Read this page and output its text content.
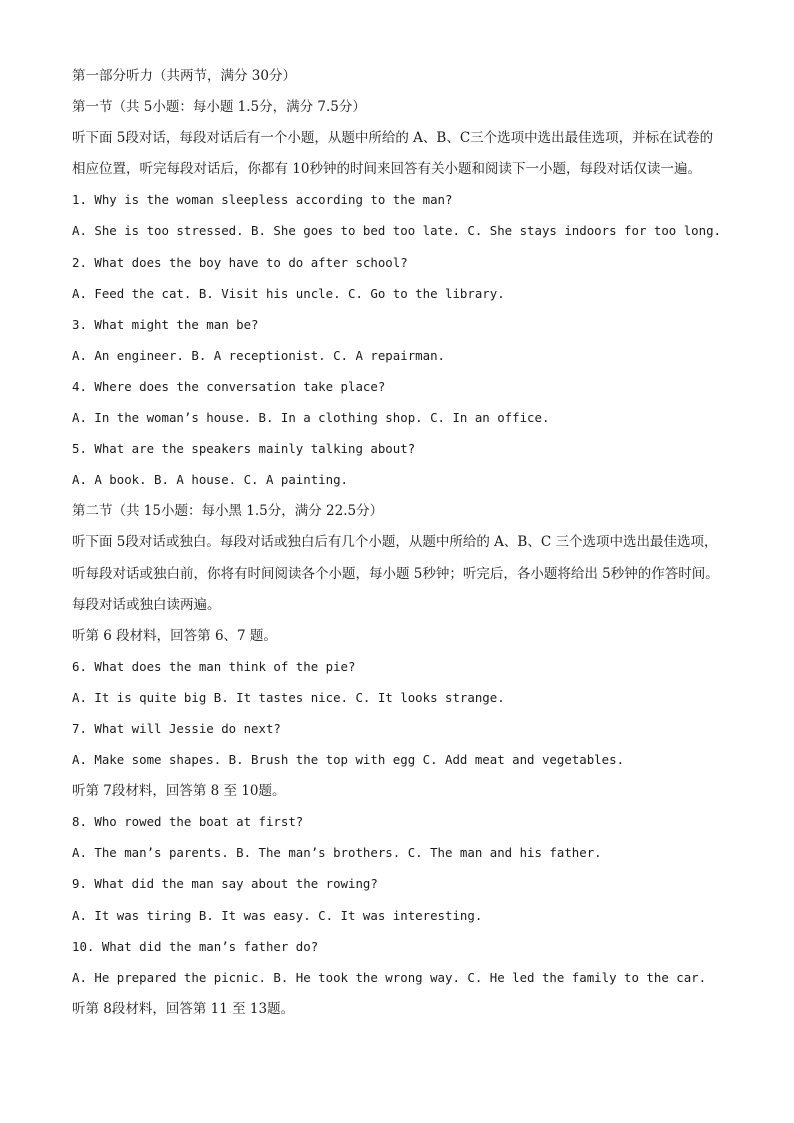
第一部分听力（共两节，满分 30分）
第一节（共 5小题：每小题 1.5分，满分 7.5分）
听下面 5段对话，每段对话后有一个小题，从题中所给的 A、B、C三个选项中选出最佳选项，并标在试卷的
相应位置，听完每段对话后，你都有 10秒钟的时间来回答有关小题和阅读下一小题，每段对话仅读一遍。
1. Why is the woman sleepless according to the man?
A. She is too stressed. B. She goes to bed too late. C. She stays indoors for too long.
2. What does the boy have to do after school?
A. Feed the cat. B. Visit his uncle. C. Go to the library.
3. What might the man be?
A. An engineer. B. A receptionist. C. A repairman.
4. Where does the conversation take place?
A. In the woman’s house. B. In a clothing shop. C. In an office.
5. What are the speakers mainly talking about?
A. A book. B. A house. C. A painting.
第二节（共 15小题：每小黑 1.5分，满分 22.5分）
听下面 5段对话或独白。每段对话或独白后有几个小题，从题中所给的 A、B、C 三个选项中选出最佳选项，
听每段对话或独白前，你将有时间阅读各个小题，每小题 5秒钟；听完后，各小题将给出 5秒钟的作答时间。
每段对话或独白读两遍。
听第 6 段材料，回答第 6、7 题。
6. What does the man think of the pie?
A. It is quite big B. It tastes nice. C. It looks strange.
7. What will Jessie do next?
A. Make some shapes. B. Brush the top with egg C. Add meat and vegetables.
听第 7段材料，回答第 8 至 10题。
8. Who rowed the boat at first?
A. The man’s parents. B. The man’s brothers. C. The man and his father.
9. What did the man say about the rowing?
A. It was tiring B. It was easy. C. It was interesting.
10. What did the man’s father do?
A. He prepared the picnic. B. He took the wrong way. C. He led the family to the car.
听第 8段材料，回答第 11 至 13题。
